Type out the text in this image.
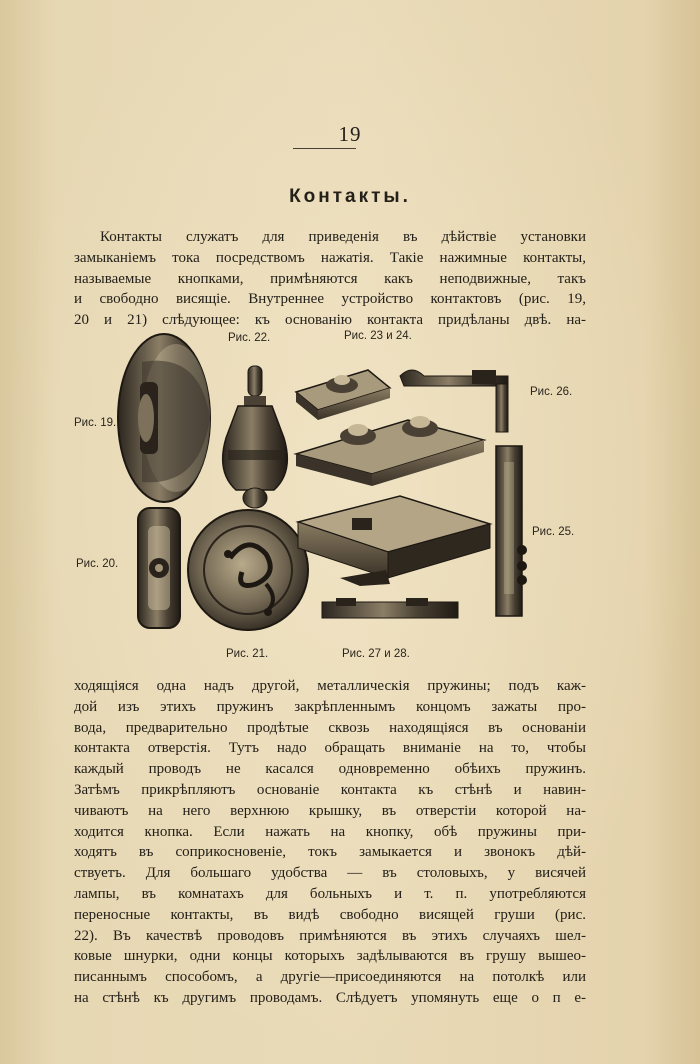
19
Контакты.
Контакты служатъ для приведенія въ дѣйствіе установки
замыканіемъ тока посредствомъ нажатія. Такіе нажимные контакты,
называемые кнопками, примѣняются какъ неподвижные, такъ
и свободно висящіе. Внутреннее устройство контактовъ (рис. 19,
20 и 21) слѣдующее: къ основанію контакта придѣланы двѣ. на-
Рис. 22.	Рис. 23 и 24.
Рис. 26.
Рис. 19.
Рис. 25.
Рис. 20.
Рис. 21.	Рис. 27 и 28.
ходящіяся одна надъ другой, металлическія пружины; подъ каж-
дой изъ этихъ пружинъ закрѣпленнымъ концомъ зажаты про-
вода, предварительно продѣтые сквозь находящіяся въ основаніи
контакта отверстія. Тутъ надо обращать вниманіе на то, чтобы
каждый проводъ не касался одновременно обѣихъ пружинъ.
Затѣмъ прикрѣпляютъ основаніе контакта къ стѣнѣ и навин-
чиваютъ на него верхнюю крышку, въ отверстіи которой на-
ходится кнопка. Если нажать на кнопку, обѣ пружины при-
ходятъ въ соприкосновеніе, токъ замыкается и звонокъ дѣй-
ствуетъ. Для большаго удобства — въ столовыхъ, у висячей
лампы, въ комнатахъ для больныхъ и т. п. употребляются
переносные контакты, въ видѣ свободно висящей груши (рис.
22). Въ качествѣ проводовъ примѣняются въ этихъ случаяхъ шел-
ковые шнурки, одни концы которыхъ задѣлываются въ грушу вышео-
писаннымъ способомъ, а другіе—присоединяются на потолкѣ или
на стѣнѣ къ другимъ проводамъ. Слѣдуетъ упомянуть еще о п е-
